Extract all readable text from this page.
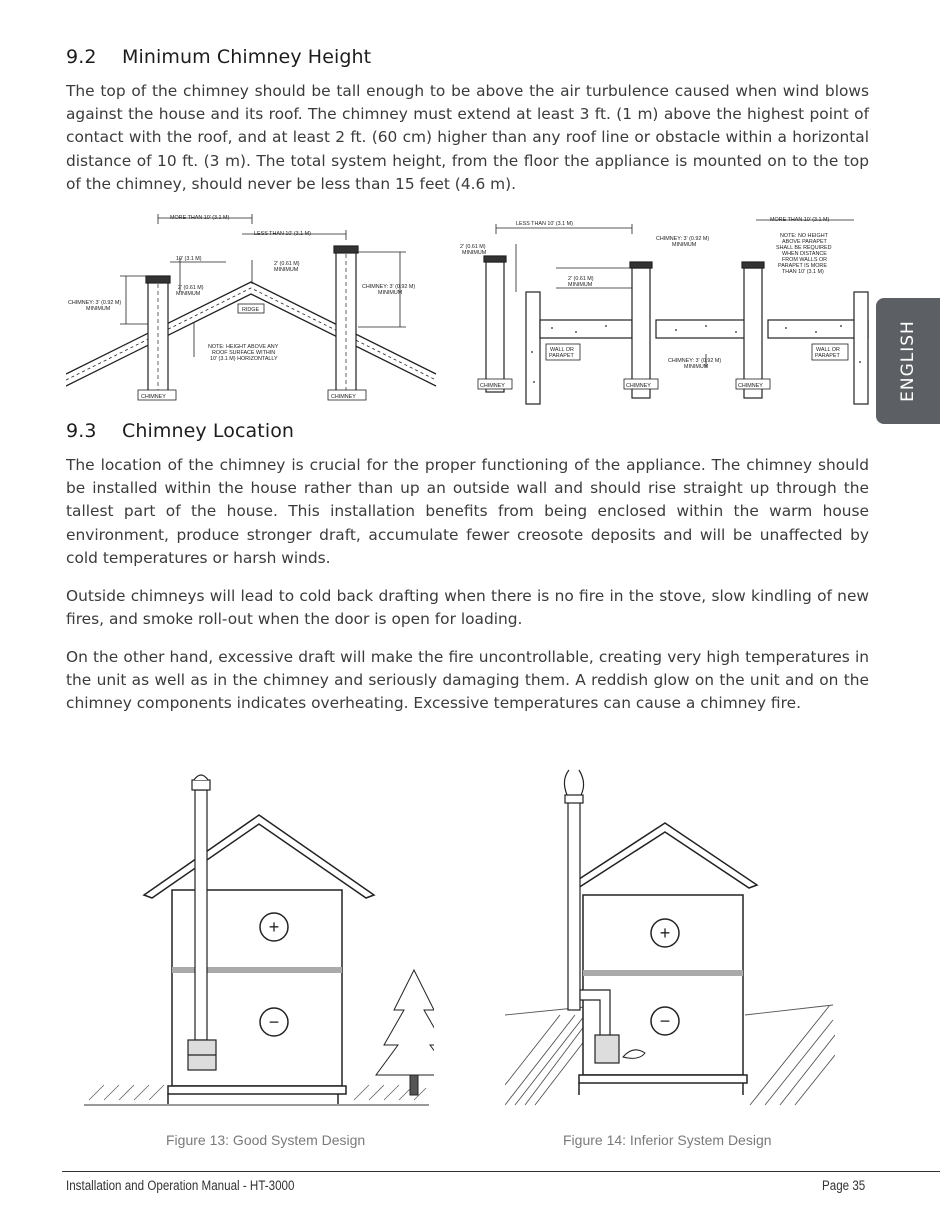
9.2 Minimum Chimney Height

The top of the chimney should be tall enough to be above the air turbulence caused when wind blows against the house and its roof. The chimney must extend at least 3 ft. (1 m) above the highest point of contact with the roof, and at least 2 ft. (60 cm) higher than any roof line or obstacle within a horizontal distance of 10 ft. (3 m). The total system height, from the floor the appliance is mounted on to the top of the chimney, should never be less than 15 feet (4.6 m).

MORE THAN 10' (3.1 M)
LESS THAN 10' (3.1 M)
10' (3.1 M)
2' (0.61 M)
MINIMUM
2' (0.61 M)
MINIMUM
CHIMNEY: 3' (0.92 M)
MINIMUM
CHIMNEY: 3' (0.92 M)
MINIMUM
RIDGE
NOTE: HEIGHT ABOVE ANY
ROOF SURFACE WITHIN
10' (3.1 M) HORIZONTALLY
CHIMNEY	CHIMNEY
LESS THAN 10' (3.1 M)
MORE THAN 10' (3.1 M)
2' (0.61 M)
MINIMUM
CHIMNEY: 3' (0.92 M)
MINIMUM
2' (0.61 M)
MINIMUM
NOTE: NO HEIGHT
ABOVE PARAPET
SHALL BE REQUIRED
WHEN DISTANCE
FROM WALLS OR
PARAPET IS MORE
THAN 10' (3.1 M)
WALL OR
PARAPET
WALL OR
PARAPET
CHIMNEY: 3' (0.92 M)
MINIMUM
CHIMNEY	CHIMNEY	CHIMNEY	ENGLISH
9.3 Chimney Location

The location of the chimney is crucial for the proper functioning of the appliance. The chimney should be installed within the house rather than up an outside wall and should rise straight up through the tallest part of the house. This installation benefits from being enclosed within the warm house environment, produce stronger draft, accumulate fewer creosote deposits and will be unaffected by cold temperatures or harsh winds.

Outside chimneys will lead to cold back drafting when there is no fire in the stove, slow kindling of new fires, and smoke roll-out when the door is open for loading.

On the other hand, excessive draft will make the fire uncontrollable, creating very high temperatures in the unit as well as in the chimney and seriously damaging them. A reddish glow on the unit and on the chimney components indicates overheating. Excessive temperatures can cause a chimney fire.

+
−
+
−

Figure 13: Good System Design	Figure 14: Inferior System Design

Installation and Operation Manual - HT-3000	Page 35
